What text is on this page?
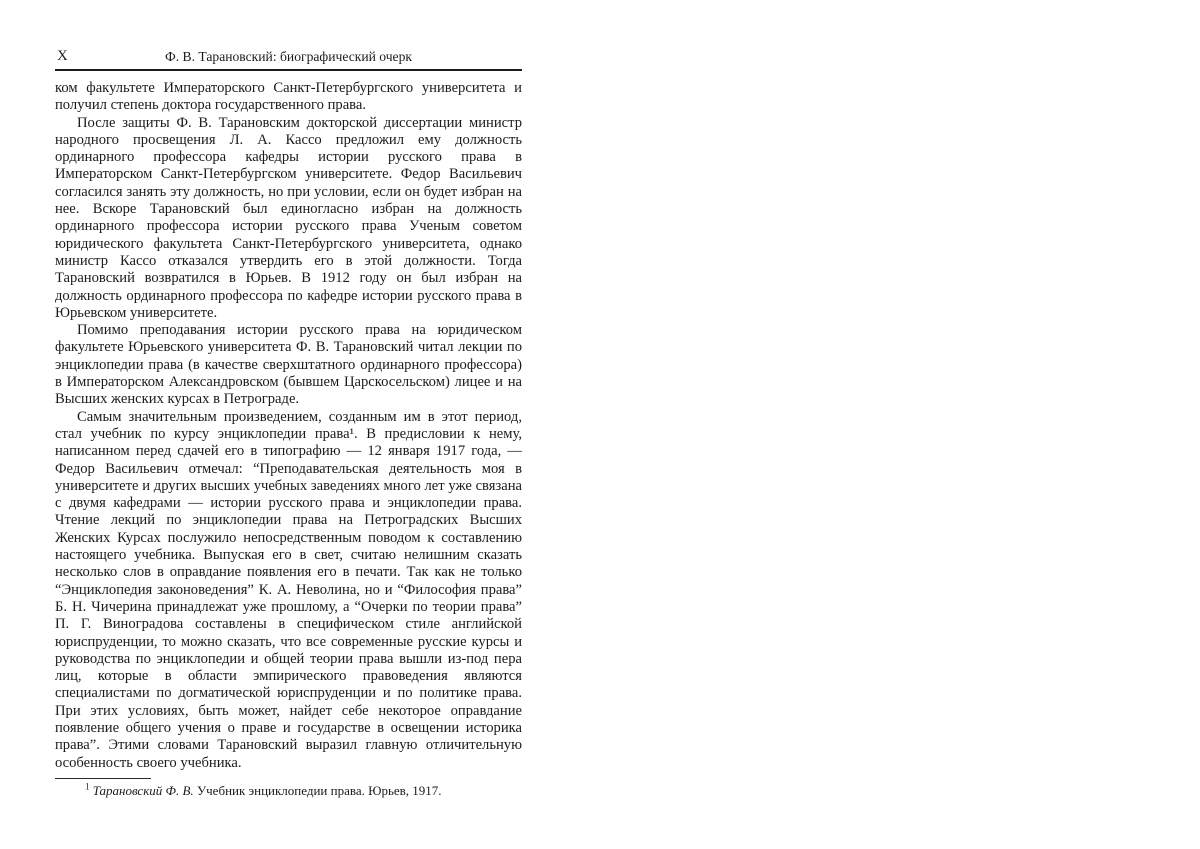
X	Ф. В. Тарановский: биографический очерк

ком факультете Императорского Санкт-Петербургского университета и получил степень доктора государственного права.

После защиты Ф. В. Тарановским докторской диссертации министр народного просвещения Л. А. Кассо предложил ему должность ординарного профессора кафедры истории русского права в Императорском Санкт-Петербургском университете. Федор Васильевич согласился занять эту должность, но при условии, если он будет избран на нее. Вскоре Тарановский был единогласно избран на должность ординарного профессора истории русского права Ученым советом юридического факультета Санкт-Петербургского университета, однако министр Кассо отказался утвердить его в этой должности. Тогда Тарановский возвратился в Юрьев. В 1912 году он был избран на должность ординарного профессора по кафедре истории русского права в Юрьевском университете.

Помимо преподавания истории русского права на юридическом факультете Юрьевского университета Ф. В. Тарановский читал лекции по энциклопедии права (в качестве сверхштатного ординарного профессора) в Императорском Александровском (бывшем Царскосельском) лицее и на Высших женских курсах в Петрограде.

Самым значительным произведением, созданным им в этот период, стал учебник по курсу энциклопедии права¹. В предисловии к нему, написанном перед сдачей его в типографию — 12 января 1917 года, — Федор Васильевич отмечал: “Преподавательская деятельность моя в университете и других высших учебных заведениях много лет уже связана с двумя кафедрами — истории русского права и энциклопедии права. Чтение лекций по энциклопедии права на Петроградских Высших Женских Курсах послужило непосредственным поводом к составлению настоящего учебника. Выпуская его в свет, считаю нелишним сказать несколько слов в оправдание появления его в печати. Так как не только “Энциклопедия законоведения” К. А. Неволина, но и “Философия права” Б. Н. Чичерина принадлежат уже прошлому, а “Очерки по теории права” П. Г. Виноградова составлены в специфическом стиле английской юриспруденции, то можно сказать, что все современные русские курсы и руководства по энциклопедии и общей теории права вышли из-под пера лиц, которые в области эмпирического правоведения являются специалистами по догматической юриспруденции и по политике права. При этих условиях, быть может, найдет себе некоторое оправдание появление общего учения о праве и государстве в освещении историка права”. Этими словами Тарановский выразил главную отличительную особенность своего учебника.

$^1$ Тарановский Ф. В. Учебник энциклопедии права. Юрьев, 1917.
